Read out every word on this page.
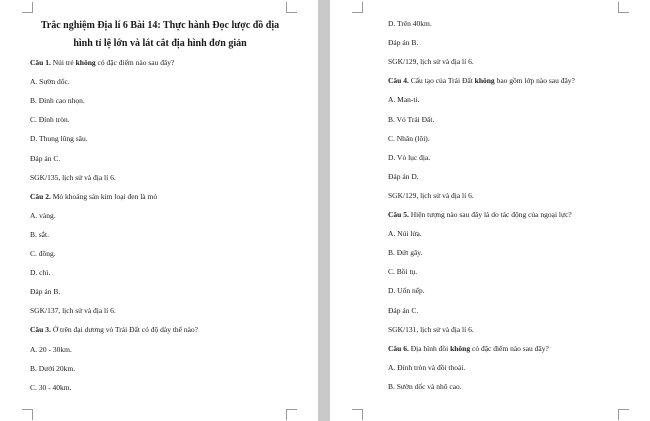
Trắc nghiệm Địa lí 6 Bài 14: Thực hành Đọc lược đồ địa
hình tỉ lệ lớn và lát cắt địa hình đơn giản
Câu 1. Núi trẻ không có đặc điểm nào sau đây?
A. Sườn dốc.
B. Đỉnh cao nhọn.
C. Đỉnh tròn.
D. Thung lũng sâu.
Đáp án C.
SGK/135, lịch sử và địa lí 6.
Câu 2. Mỏ khoáng sản kim loại đen là mỏ
A. vàng.
B. sắt.
C. đồng.
D. chì.
Đáp án B.
SGK/137, lịch sử và địa lí 6.
Câu 3. Ở trên đại dương vỏ Trái Đất có độ dày thế nào?
A. 20 - 30km.
B. Dưới 20km.
C. 30 - 40km.
D. Trên 40km.
Đáp án B.
SGK/129, lịch sử và địa lí 6.
Câu 4. Cấu tạo của Trái Đất không bao gồm lớp nào sau đây?
A. Man-ti.
B. Vỏ Trái Đất.
C. Nhân (lõi).
D. Vỏ lục địa.
Đáp án D.
SGK/129, lịch sử và địa lí 6.
Câu 5. Hiện tượng nào sau đây là do tác động của ngoại lực?
A. Núi lửa.
B. Đứt gãy.
C. Bồi tụ.
D. Uốn nếp.
Đáp án C.
SGK/131, lịch sử và địa lí 6.
Câu 6. Địa hình đồi không có đặc điểm nào sau đây?
A. Đỉnh tròn và đồi thoải.
B. Sườn dốc và nhô cao.
